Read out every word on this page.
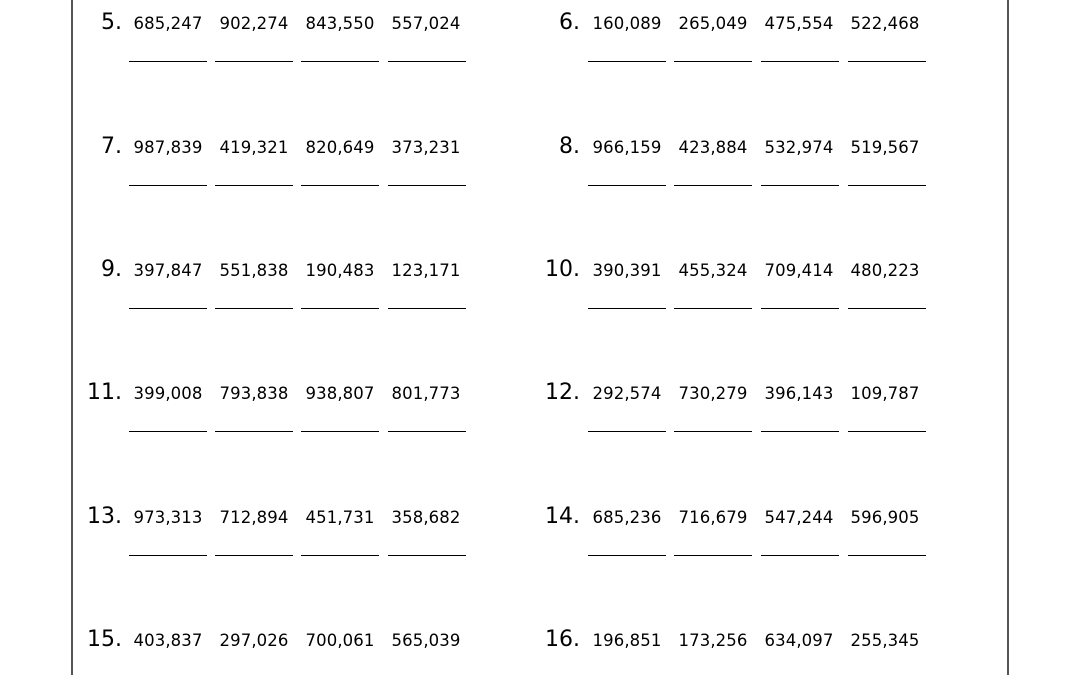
5. 685,247	902,274	843,550	557,024	6. 160,089	265,049	475,554	522,468
7. 987,839	419,321	820,649	373,231	8. 966,159	423,884	532,974	519,567
9. 397,847	551,838	190,483	123,171	10. 390,391	455,324	709,414	480,223
11. 399,008	793,838	938,807	801,773	12. 292,574	730,279	396,143	109,787
13. 973,313	712,894	451,731	358,682	14. 685,236	716,679	547,244	596,905
15. 403,837	297,026	700,061	565,039	16. 196,851	173,256	634,097	255,345
